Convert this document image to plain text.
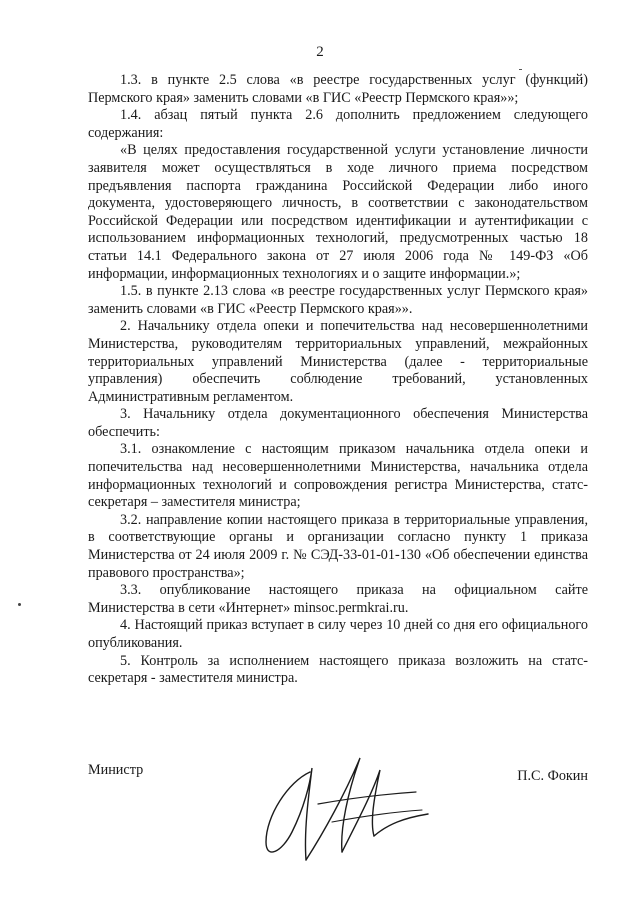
2

1.3. в пункте 2.5 слова «в реестре государственных услуг (функций) Пермского края» заменить словами «в ГИС «Реестр Пермского края»»;

1.4. абзац пятый пункта 2.6 дополнить предложением следующего содержания:

«В целях предоставления государственной услуги установление личности заявителя может осуществляться в ходе личного приема посредством предъявления паспорта гражданина Российской Федерации либо иного документа, удостоверяющего личность, в соответствии с законодательством Российской Федерации или посредством идентификации и аутентификации с использованием информационных технологий, предусмотренных частью 18 статьи 14.1 Федерального закона от 27 июля 2006 года № 149-ФЗ «Об информации, информационных технологиях и о защите информации.»;

1.5. в пункте 2.13 слова «в реестре государственных услуг Пермского края» заменить словами «в ГИС «Реестр Пермского края»».

2. Начальнику отдела опеки и попечительства над несовершеннолетними Министерства, руководителям территориальных управлений, межрайонных территориальных управлений Министерства (далее - территориальные управления) обеспечить соблюдение требований, установленных Административным регламентом.

3. Начальнику отдела документационного обеспечения Министерства обеспечить:

3.1. ознакомление с настоящим приказом начальника отдела опеки и попечительства над несовершеннолетними Министерства, начальника отдела информационных технологий и сопровождения регистра Министерства, статс-секретаря – заместителя министра;

3.2. направление копии настоящего приказа в территориальные управления, в соответствующие органы и организации согласно пункту 1 приказа Министерства от 24 июля 2009 г. № СЭД-33-01-01-130 «Об обеспечении единства правового пространства»;

3.3. опубликование настоящего приказа на официальном сайте Министерства в сети «Интернет» minsoc.permkrai.ru.

4. Настоящий приказ вступает в силу через 10 дней со дня его официального опубликования.

5. Контроль за исполнением настоящего приказа возложить на статс-секретаря - заместителя министра.

Министр	П.С. Фокин
